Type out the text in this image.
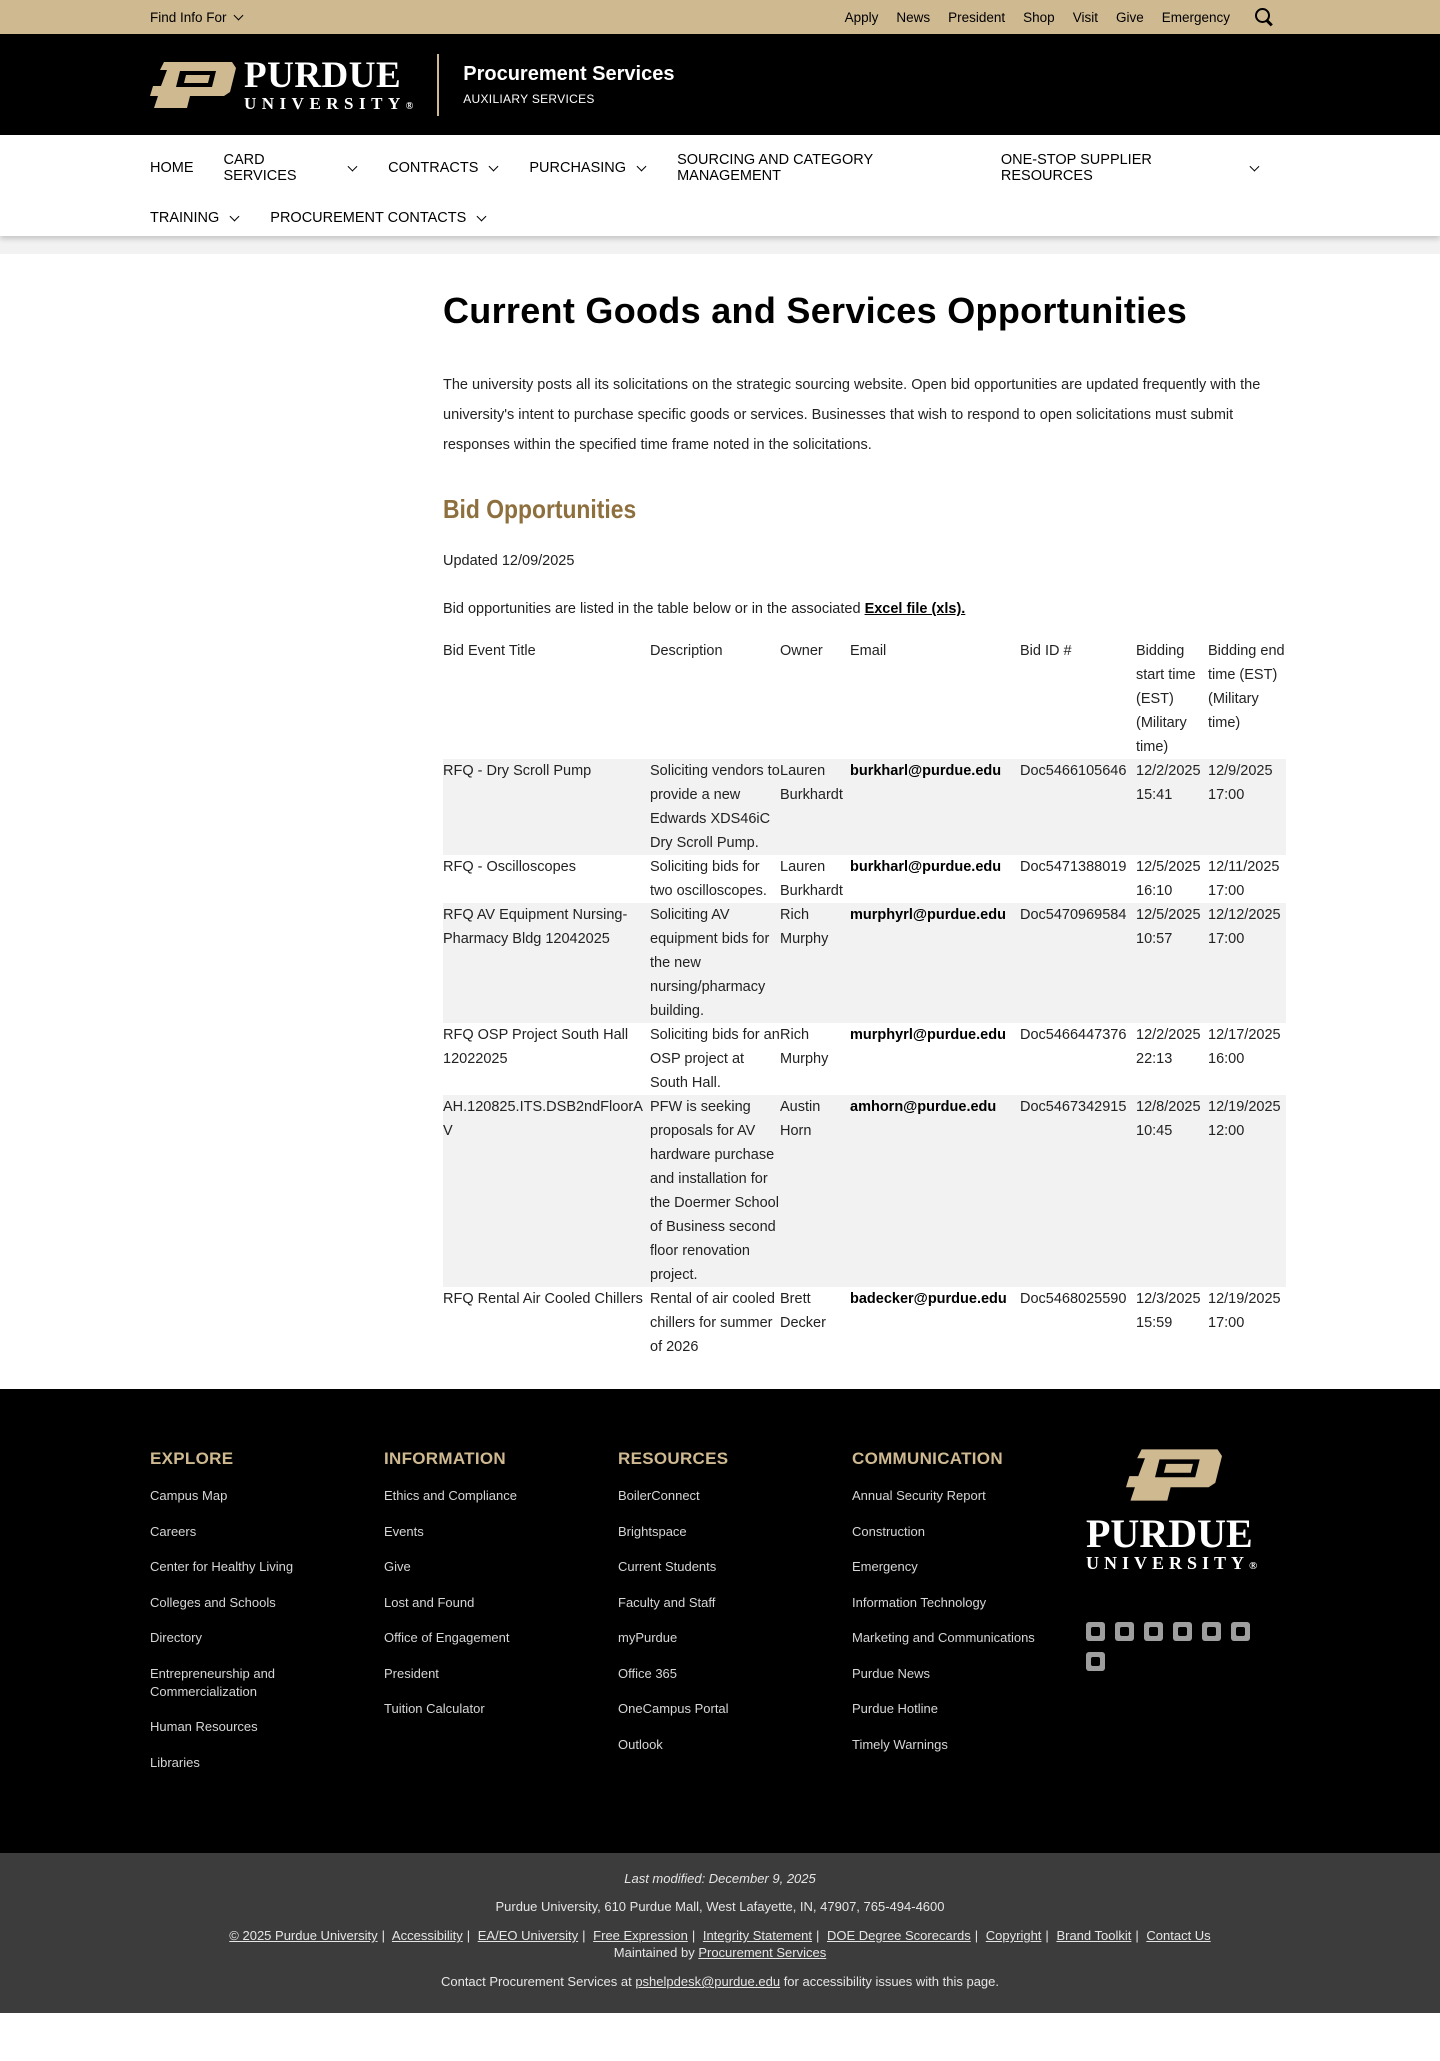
Find Info For	Apply News President Shop Visit Give Emergency
PURDUE
UNIVERSITY®
Procurement Services
AUXILIARY SERVICES
HOME CARD SERVICES	CONTRACTS	PURCHASING	SOURCING AND CATEGORY MANAGEMENT
ONE-STOP SUPPLIER RESOURCES
TRAINING	PROCUREMENT CONTACTS
Current Goods and Services Opportunities

The university posts all its solicitations on the strategic sourcing website. Open bid opportunities are updated frequently with the university's intent to purchase specific goods or services. Businesses that wish to respond to open solicitations must submit responses within the specified time frame noted in the solicitations.

Bid Opportunities

Updated 12/09/2025

Bid opportunities are listed in the table below or in the associated Excel file (xls).

Bid Event Title	Description	Owner	Email	Bid ID #	Bidding start time (EST) (Military time)	Bidding end time (EST) (Military time)
RFQ - Dry Scroll Pump	Soliciting vendors to provide a new Edwards XDS46iC Dry Scroll Pump.	Lauren Burkhardt	burkharl@purdue.edu	Doc5466105646	12/2/2025 15:41	12/9/2025 17:00
RFQ - Oscilloscopes	Soliciting bids for two oscilloscopes.	Lauren Burkhardt	burkharl@purdue.edu	Doc5471388019	12/5/2025 16:10	12/11/2025 17:00
RFQ AV Equipment Nursing-Pharmacy Bldg 12042025	Soliciting AV equipment bids for the new nursing/pharmacy building.	Rich Murphy	murphyrl@purdue.edu	Doc5470969584	12/5/2025 10:57	12/12/2025 17:00
RFQ OSP Project South Hall 12022025	Soliciting bids for an OSP project at South Hall.	Rich Murphy	murphyrl@purdue.edu	Doc5466447376	12/2/2025 22:13	12/17/2025 16:00
AH.120825.ITS.DSB2ndFloorAV	PFW is seeking proposals for AV hardware purchase and installation for the Doermer School of Business second floor renovation project.	Austin Horn	amhorn@purdue.edu	Doc5467342915	12/8/2025 10:45	12/19/2025 12:00
RFQ Rental Air Cooled Chillers	Rental of air cooled chillers for summer of 2026	Brett Decker	badecker@purdue.edu	Doc5468025590	12/3/2025 15:59	12/19/2025 17:00
EXPLORE
Campus Map
Careers
Center for Healthy Living
Colleges and Schools
Directory
Entrepreneurship and Commercialization
Human Resources
Libraries
INFORMATION
Ethics and Compliance
Events
Give
Lost and Found
Office of Engagement
President
Tuition Calculator
RESOURCES
BoilerConnect
Brightspace
Current Students
Faculty and Staff
myPurdue
Office 365
OneCampus Portal
Outlook
COMMUNICATION
Annual Security Report
Construction
Emergency
Information Technology
Marketing and Communications
Purdue News
Purdue Hotline
Timely Warnings
PURDUE
UNIVERSITY®
Last modified: December 9, 2025
Purdue University, 610 Purdue Mall, West Lafayette, IN, 47907, 765-494-4600
© 2025 Purdue University | Accessibility | EA/EO University | Free Expression | Integrity Statement | DOE Degree Scorecards | Copyright | Brand Toolkit | Contact Us
Maintained by Procurement Services
Contact Procurement Services at pshelpdesk@purdue.edu for accessibility issues with this page.
